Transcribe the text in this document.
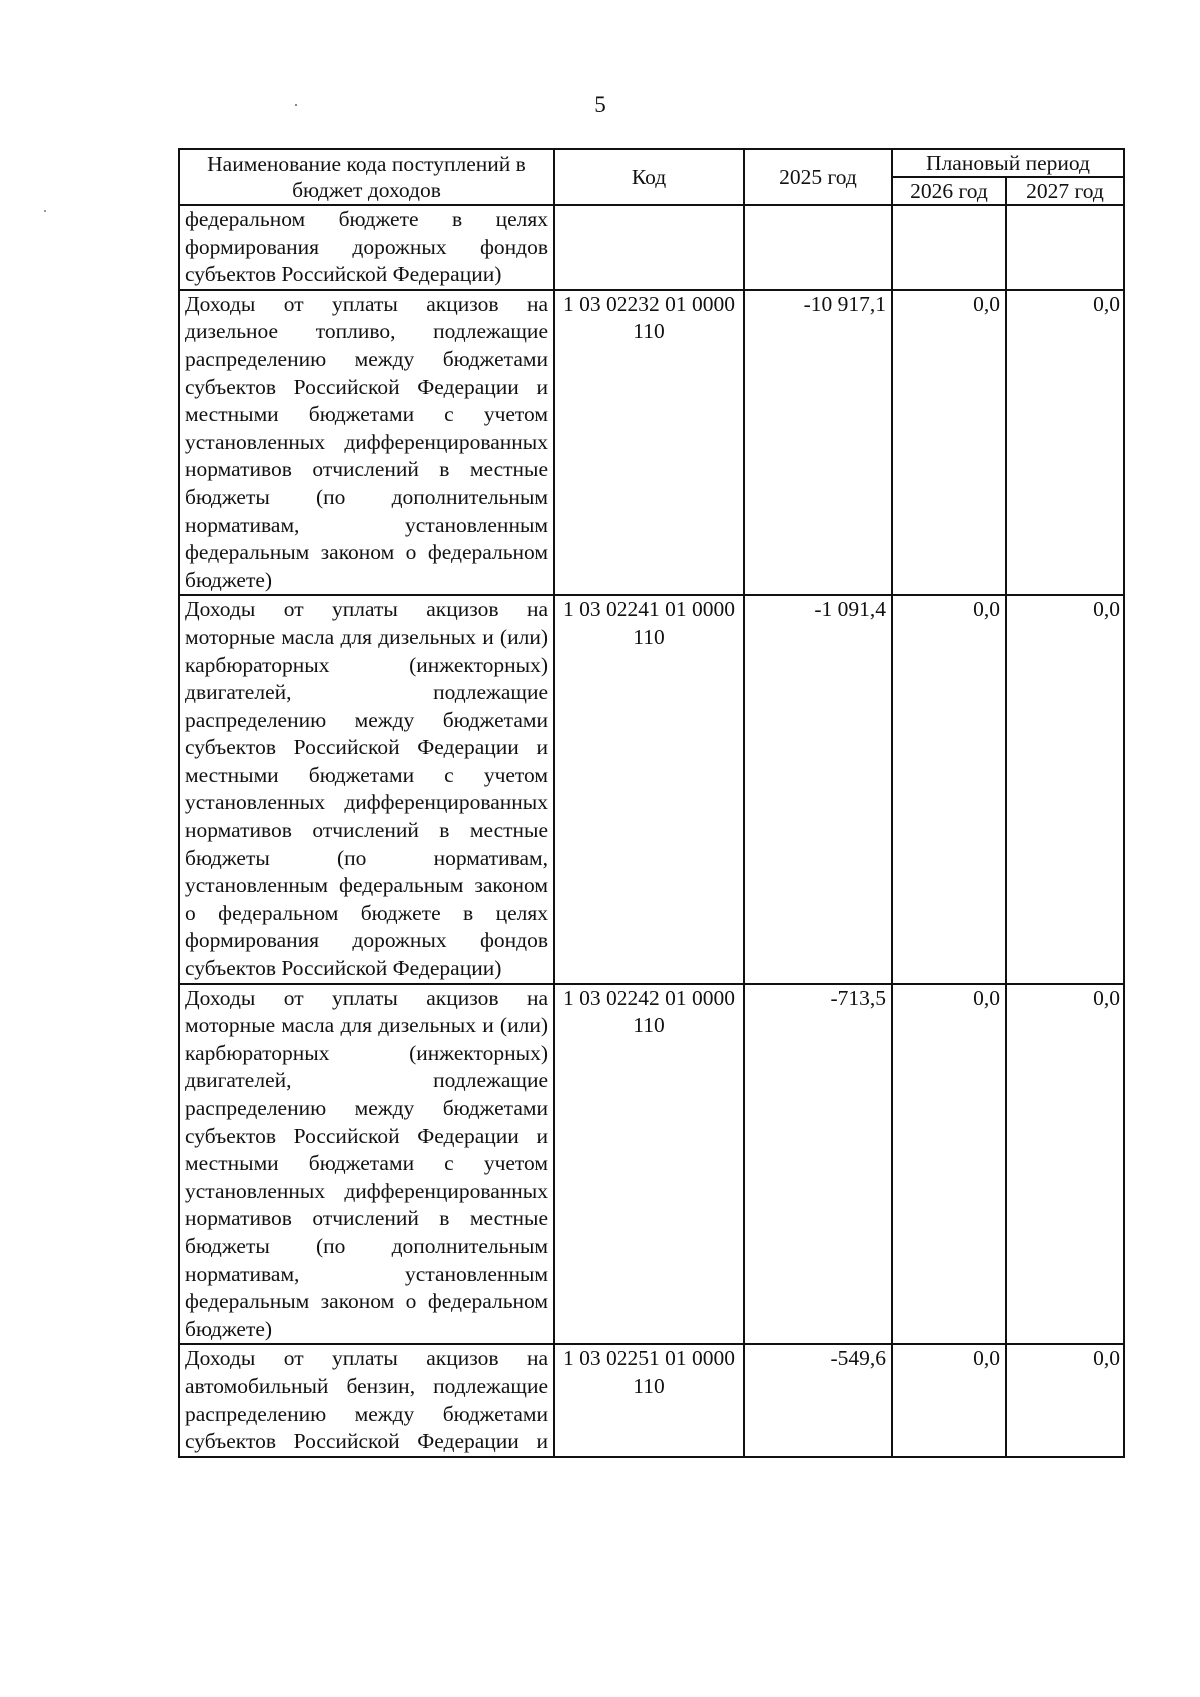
5
Наименование кода поступлений в бюджет доходов	Код	2025 год	Плановый период	
			2026 год	2027 год
федеральном бюджете в целях формирования дорожных фондов субъектов Российской Федерации)				
Доходы от уплаты акцизов на дизельное топливо, подлежащие распределению между бюджетами субъектов Российской Федерации и местными бюджетами с учетом установленных дифференцированных нормативов отчислений в местные бюджеты (по дополнительным нормативам, установленным федеральным законом о федеральном бюджете)	1 03 02232 01 0000 110	-10 917,1	0,0	0,0
Доходы от уплаты акцизов на моторные масла для дизельных и (или) карбюраторных (инжекторных) двигателей, подлежащие распределению между бюджетами субъектов Российской Федерации и местными бюджетами с учетом установленных дифференцированных нормативов отчислений в местные бюджеты (по нормативам, установленным федеральным законом о федеральном бюджете в целях формирования дорожных фондов субъектов Российской Федерации)	1 03 02241 01 0000 110	-1 091,4	0,0	0,0
Доходы от уплаты акцизов на моторные масла для дизельных и (или) карбюраторных (инжекторных) двигателей, подлежащие распределению между бюджетами субъектов Российской Федерации и местными бюджетами с учетом установленных дифференцированных нормативов отчислений в местные бюджеты (по дополнительным нормативам, установленным федеральным законом о федеральном бюджете)	1 03 02242 01 0000 110	-713,5	0,0	0,0
Доходы от уплаты акцизов на автомобильный бензин, подлежащие распределению между бюджетами субъектов Российской Федерации и	1 03 02251 01 0000 110	-549,6	0,0	0,0
